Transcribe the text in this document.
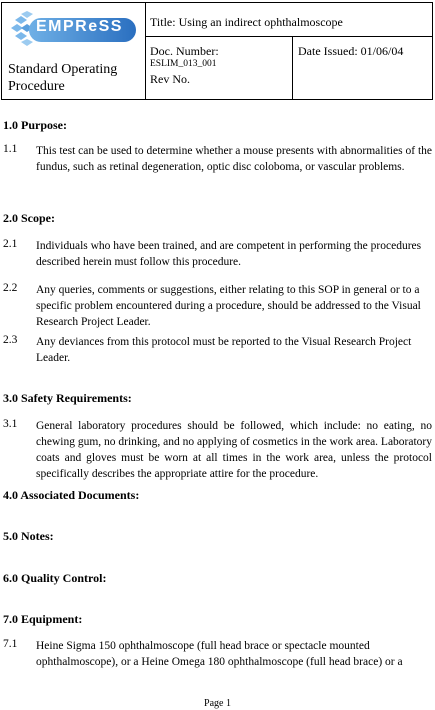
EMPReSS
Standard Operating Procedure
Title: Using an indirect ophthalmoscope
Doc. Number:
ESLIM_013_001
Rev No.
Date Issued: 01/06/04
1.0 Purpose:
1.1 This test can be used to determine whether a mouse presents with abnormalities of the fundus, such as retinal degeneration, optic disc coloboma, or vascular problems.
2.0 Scope:
2.1 Individuals who have been trained, and are competent in performing the procedures described herein must follow this procedure.
2.2 Any queries, comments or suggestions, either relating to this SOP in general or to a specific problem encountered during a procedure, should be addressed to the Visual Research Project Leader.
2.3 Any deviances from this protocol must be reported to the Visual Research Project Leader.
3.0 Safety Requirements:
3.1 General laboratory procedures should be followed, which include: no eating, no chewing gum, no drinking, and no applying of cosmetics in the work area. Laboratory coats and gloves must be worn at all times in the work area, unless the protocol specifically describes the appropriate attire for the procedure.
4.0 Associated Documents:
5.0 Notes:
6.0 Quality Control:
7.0 Equipment:
7.1 Heine Sigma 150 ophthalmoscope (full head brace or spectacle mounted ophthalmoscope), or a Heine Omega 180 ophthalmoscope (full head brace) or a
Page 1
